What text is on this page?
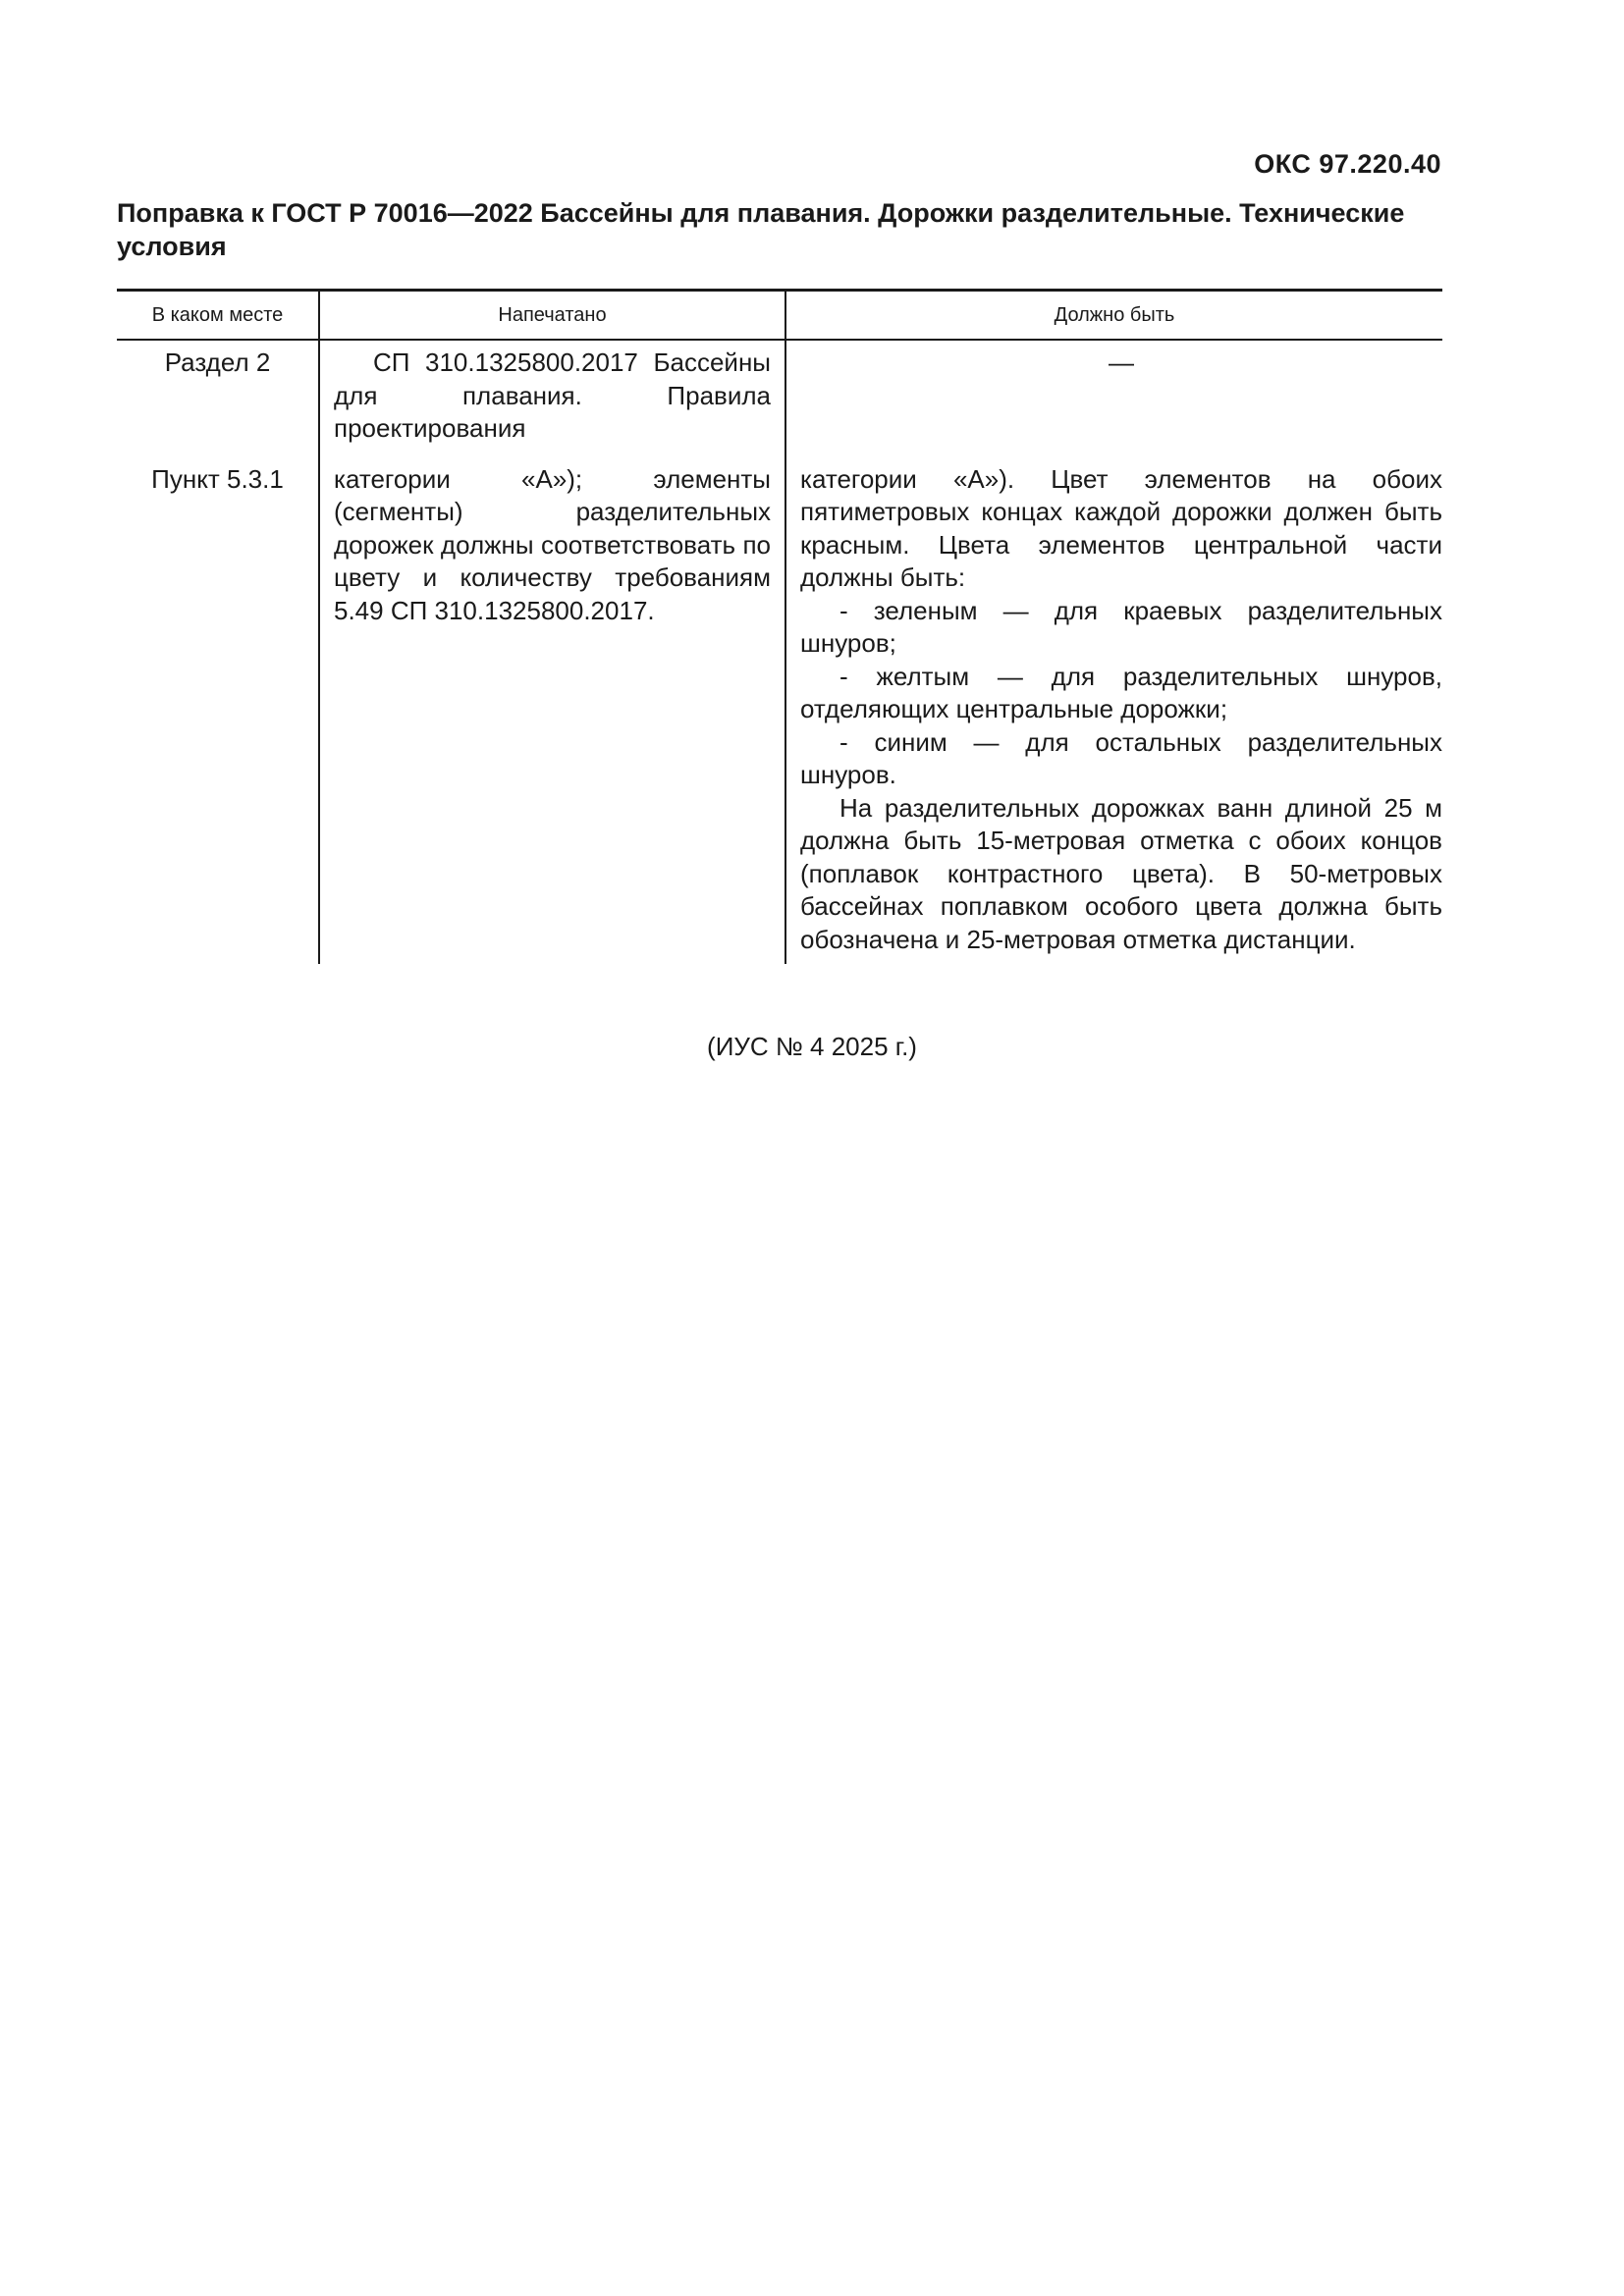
ОКС 97.220.40
Поправка к ГОСТ Р 70016—2022 Бассейны для плавания. Дорожки разделительные. Технические условия
В каком месте	Напечатано	Должно быть
Раздел 2	СП 310.1325800.2017 Бассейны для плавания. Правила проектирования	—
Пункт 5.3.1	категории «А»); элементы (сегменты) разделительных дорожек должны соответствовать по цвету и количеству требованиям 5.49 СП 310.1325800.2017.	категории «А»). Цвет элементов на обоих пятиметровых концах каждой дорожки должен быть красным. Цвета элементов центральной части должны быть:

- зеленым — для краевых разделительных шнуров;

- желтым — для разделительных шнуров, отделяющих центральные дорожки;

- синим — для остальных разделительных шнуров.

На разделительных дорожках ванн длиной 25 м должна быть 15-метровая отметка с обоих концов (поплавок контрастного цвета). В 50-метровых бассейнах поплавком особого цвета должна быть обозначена и 25-метровая отметка дистанции.

(ИУС № 4 2025 г.)
